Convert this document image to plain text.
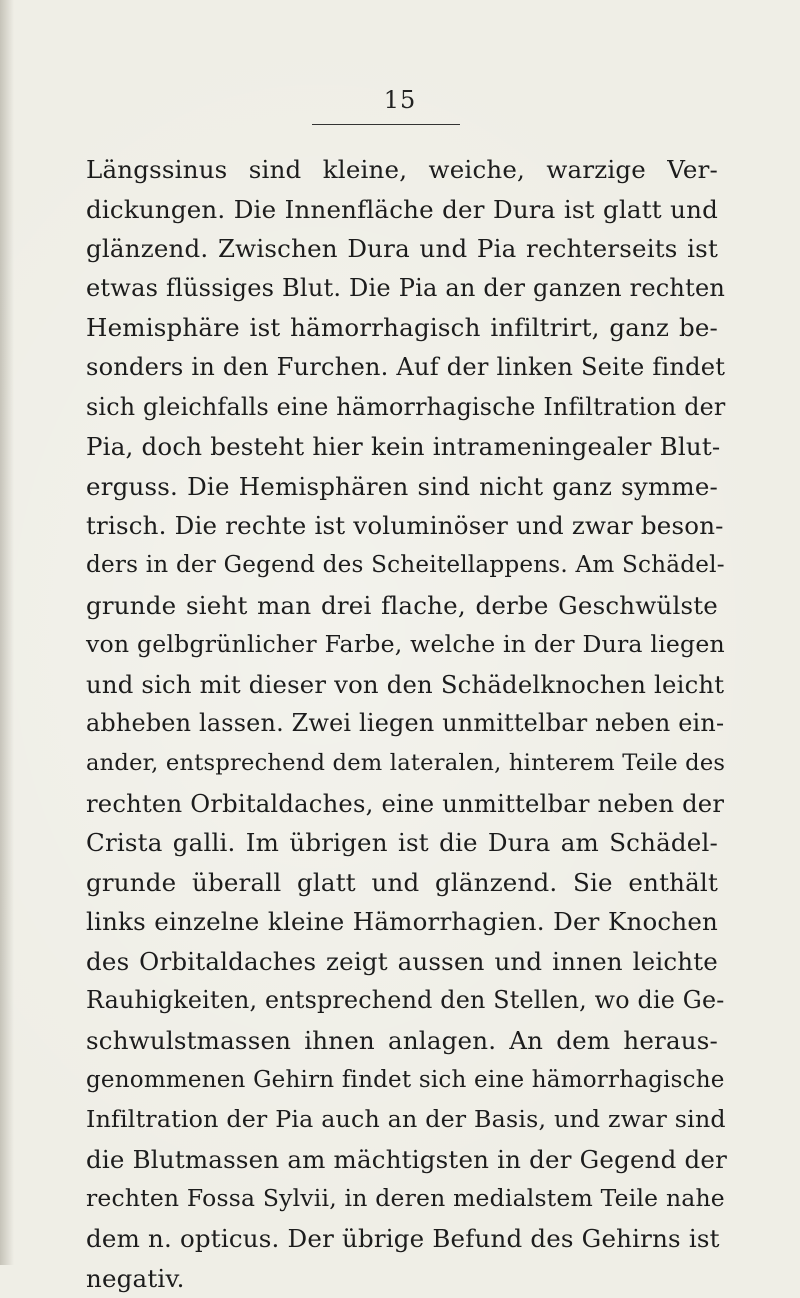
15
Längssinus sind kleine, weiche, warzige Ver-
dickungen. Die Innenfläche der Dura ist glatt und
glänzend. Zwischen Dura und Pia rechterseits ist
etwas flüssiges Blut. Die Pia an der ganzen rechten
Hemisphäre ist hämorrhagisch infiltrirt, ganz be-
sonders in den Furchen. Auf der linken Seite findet
sich gleichfalls eine hämorrhagische Infiltration der
Pia, doch besteht hier kein intrameningealer Blut-
erguss. Die Hemisphären sind nicht ganz symme-
trisch. Die rechte ist voluminöser und zwar beson-
ders in der Gegend des Scheitellappens. Am Schädel-
grunde sieht man drei flache, derbe Geschwülste
von gelbgrünlicher Farbe, welche in der Dura liegen
und sich mit dieser von den Schädelknochen leicht
abheben lassen. Zwei liegen unmittelbar neben ein-
ander, entsprechend dem lateralen, hinterem Teile des
rechten Orbitaldaches, eine unmittelbar neben der
Crista galli. Im übrigen ist die Dura am Schädel-
grunde überall glatt und glänzend. Sie enthält
links einzelne kleine Hämorrhagien. Der Knochen
des Orbitaldaches zeigt aussen und innen leichte
Rauhigkeiten, entsprechend den Stellen, wo die Ge-
schwulstmassen ihnen anlagen. An dem heraus-
genommenen Gehirn findet sich eine hämorrhagische
Infiltration der Pia auch an der Basis, und zwar sind
die Blutmassen am mächtigsten in der Gegend der
rechten Fossa Sylvii, in deren medialstem Teile nahe
dem n. opticus. Der übrige Befund des Gehirns ist
negativ.
